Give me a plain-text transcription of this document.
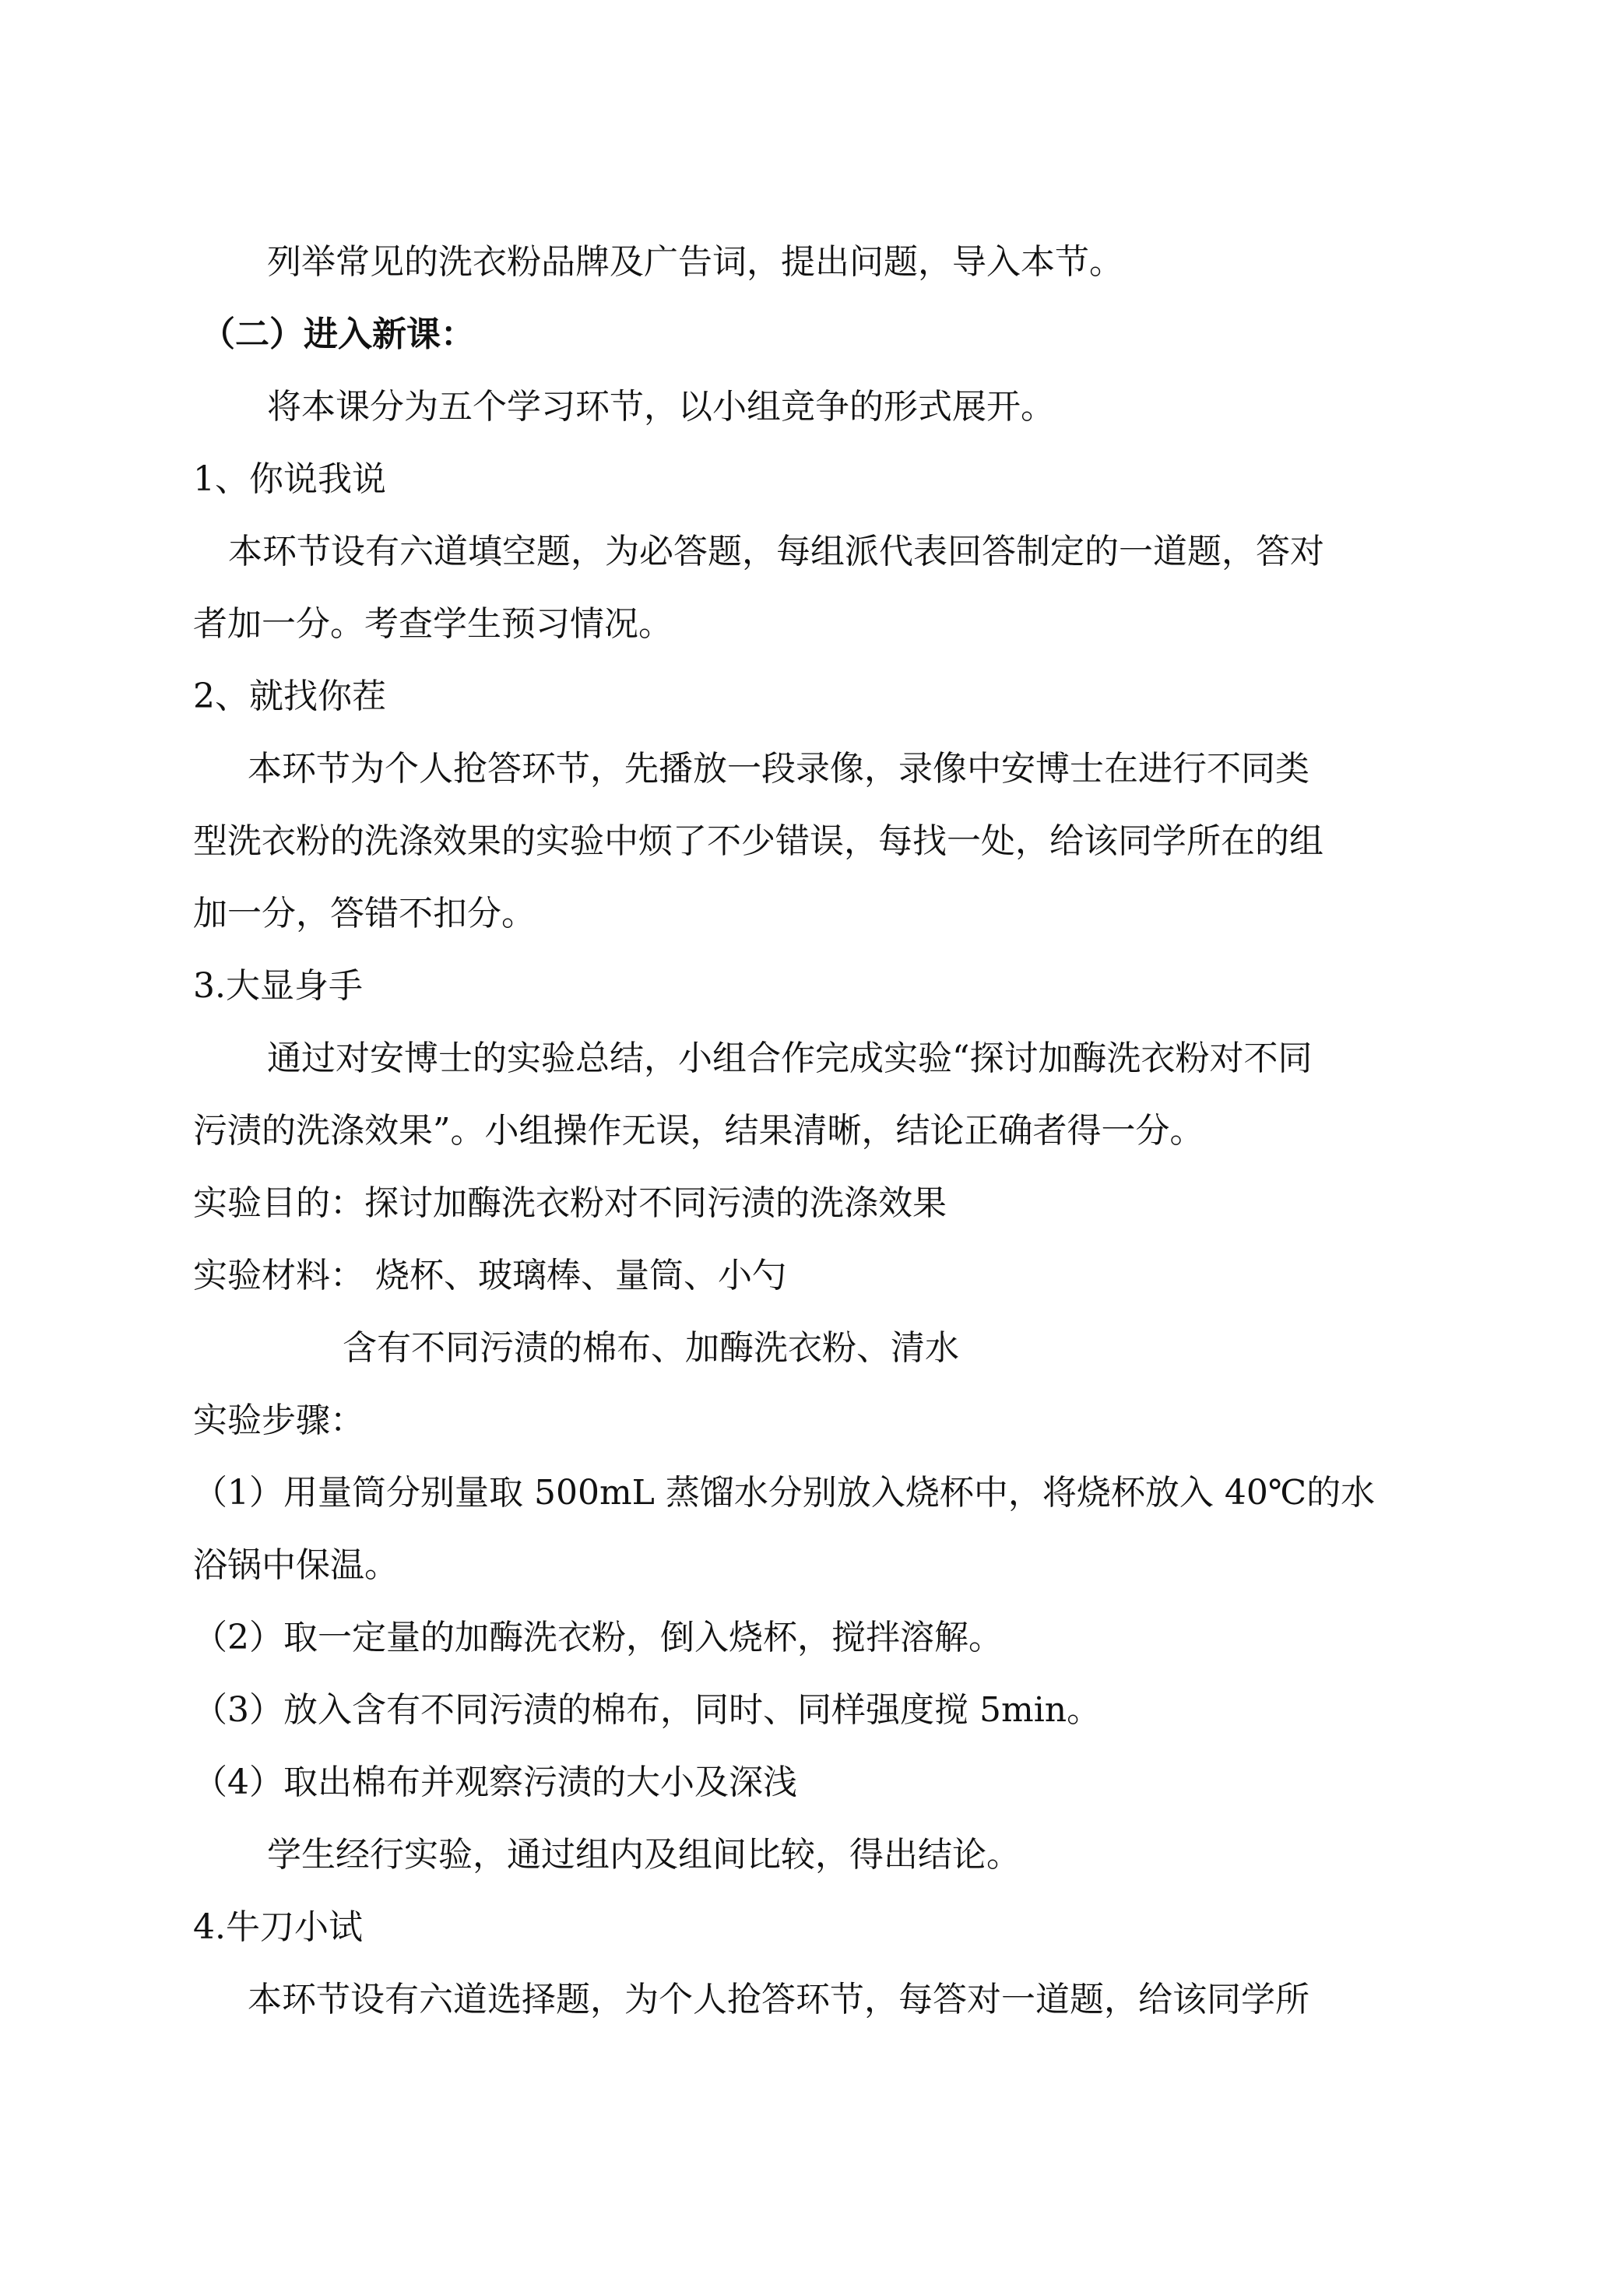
列举常见的洗衣粉品牌及广告词，提出问题，导入本节。
（二）进入新课：
将本课分为五个学习环节，以小组竞争的形式展开。
1、你说我说
本环节设有六道填空题，为必答题，每组派代表回答制定的一道题，答对
者加一分。考查学生预习情况。
2、就找你茬
本环节为个人抢答环节，先播放一段录像，录像中安博士在进行不同类
型洗衣粉的洗涤效果的实验中烦了不少错误，每找一处，给该同学所在的组
加一分，答错不扣分。
3.大显身手
通过对安博士的实验总结，小组合作完成实验“探讨加酶洗衣粉对不同
污渍的洗涤效果”。小组操作无误，结果清晰，结论正确者得一分。
实验目的：探讨加酶洗衣粉对不同污渍的洗涤效果
实验材料： 烧杯、玻璃棒、量筒、小勺
含有不同污渍的棉布、加酶洗衣粉、清水
实验步骤：
（1）用量筒分别量取 500mL 蒸馏水分别放入烧杯中，将烧杯放入 40℃的水
浴锅中保温。
（2）取一定量的加酶洗衣粉，倒入烧杯，搅拌溶解。
（3）放入含有不同污渍的棉布，同时、同样强度搅 5min。
（4）取出棉布并观察污渍的大小及深浅
学生经行实验，通过组内及组间比较，得出结论。
4.牛刀小试
本环节设有六道选择题，为个人抢答环节，每答对一道题，给该同学所
